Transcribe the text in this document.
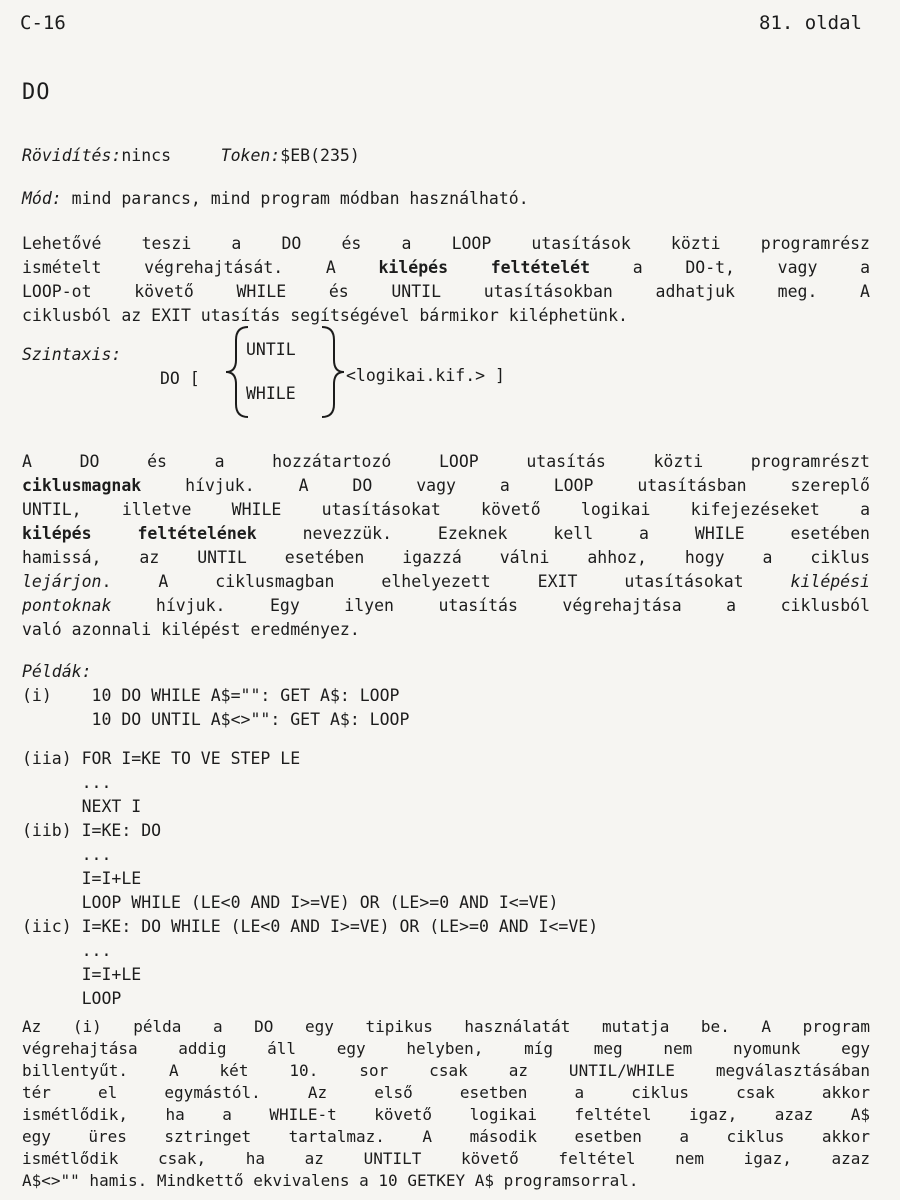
C-16	81. oldal
DO
Rövidítés:nincs	Token:$EB(235)
Mód: mind parancs, mind program módban használható.
Lehetővé teszi a DO és a LOOP utasítások közti programrész
ismételt végrehajtását. A kilépés feltételét a DO-t, vagy a
LOOP-ot követő WHILE és UNTIL utasításokban adhatjuk meg. A
ciklusból az EXIT utasítás segítségével bármikor kiléphetünk.
Szintaxis:
DO [
UNTIL
WHILE
<logikai.kif.> ]
A DO és a hozzátartozó LOOP utasítás közti programrészt
ciklusmagnak hívjuk. A DO vagy a LOOP utasításban szereplő
UNTIL, illetve WHILE utasításokat követő logikai kifejezéseket a
kilépés feltételének nevezzük. Ezeknek kell a WHILE esetében
hamissá, az UNTIL esetében igazzá válni ahhoz, hogy a ciklus
lejárjon. A ciklusmagban elhelyezett EXIT utasításokat kilépési
pontoknak hívjuk. Egy ilyen utasítás végrehajtása a ciklusból
való azonnali kilépést eredményez.
Példák:
(i)    10 DO WHILE A$="": GET A$: LOOP
10 DO UNTIL A$<>"": GET A$: LOOP
(iia) FOR I=KE TO VE STEP LE
...
NEXT I
(iib) I=KE: DO
...
I=I+LE
LOOP WHILE (LE<0 AND I>=VE) OR (LE>=0 AND I<=VE)
(iic) I=KE: DO WHILE (LE<0 AND I>=VE) OR (LE>=0 AND I<=VE)
...
I=I+LE
LOOP
Az (i) példa a DO egy tipikus használatát mutatja be. A program
végrehajtása addig áll egy helyben, míg meg nem nyomunk egy
billentyűt. A két 10. sor csak az UNTIL/WHILE megválasztásában
tér el egymástól. Az első esetben a ciklus csak akkor
ismétlődik, ha a WHILE-t követő logikai feltétel igaz, azaz A$
egy üres sztringet tartalmaz. A második esetben a ciklus akkor
ismétlődik csak, ha az UNTILT követő feltétel nem igaz, azaz
A$<>"" hamis. Mindkettő ekvivalens a 10 GETKEY A$ programsorral.
